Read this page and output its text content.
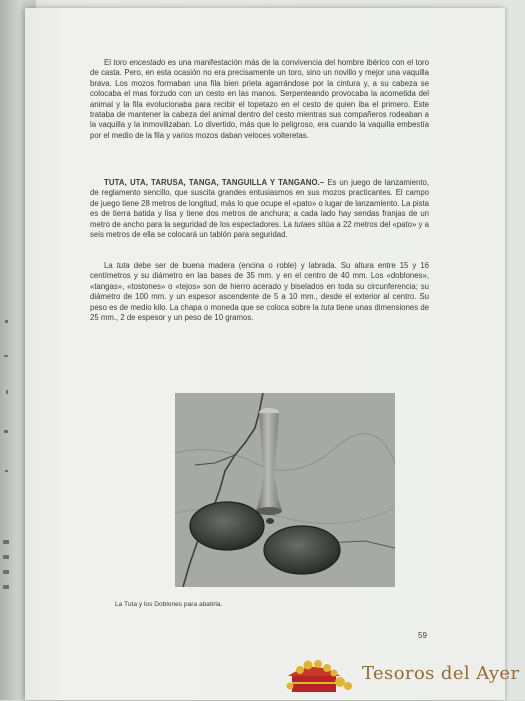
El toro encestado es una manifestación más de la convivencia del hombre ibérico con el toro de casta. Pero, en esta ocasión no era precisamente un toro, sino un novillo y mejor una vaquilla brava. Los mozos formaban una fila bien prieta agarrándose por la cintura y, a su cabeza se colocaba el mas forzudo con un cesto en las manos. Serpenteando provocaba la acometida del animal y la fila evolucionaba para recibir el topetazo en el cesto de quien iba el primero. Este trataba de mantener la cabeza del animal dentro del cesto mientras sus compañeros rodeaban a la vaquilla y la inmovilizaban. Lo divertido, más que lo peligroso, era cuando la vaquilla embestía por el medio de la fila y varios mozos daban veloces volteretas.

TUTA, UTA, TARUSA, TANGA, TANGUILLA Y TANGANO.– Es un juego de lanzamiento, de reglamento sencillo, que suscita grandes entusiasmos en sus mozos practicantes. El campo de juego tiene 28 metros de longitud, más lo que ocupe el «pato» o lugar de lanzamiento. La pista es de tierra batida y lisa y tiene dos metros de anchura; a cada lado hay sendas franjas de un metro de ancho para la seguridad de los espectadores. La tutaes sitúa a 22 metros del «pato» y a seis metros de ella se colocará un tablón para seguridad.

La tuta debe ser de buena madera (encina o roble) y labrada. Su altura entre 15 y 16 centímetros y su diámetro en las bases de 35 mm. y en el centro de 40 mm. Los «doblones», «tangas», «tostones» o «tejos» son de hierro acerado y biselados en toda su circunferencia; su diámetro de 100 mm. y un espesor ascendente de 5 a 10 mm., desde el exterior al centro. Su peso es de medio kilo. La chapa o moneda que se coloca sobre la tuta tiene unas dimensiones de 25 mm., 2 de espesor y un peso de 10 gramos.

La Tuta y los Doblones para abatirla.
59
Tesoros del Ayer
